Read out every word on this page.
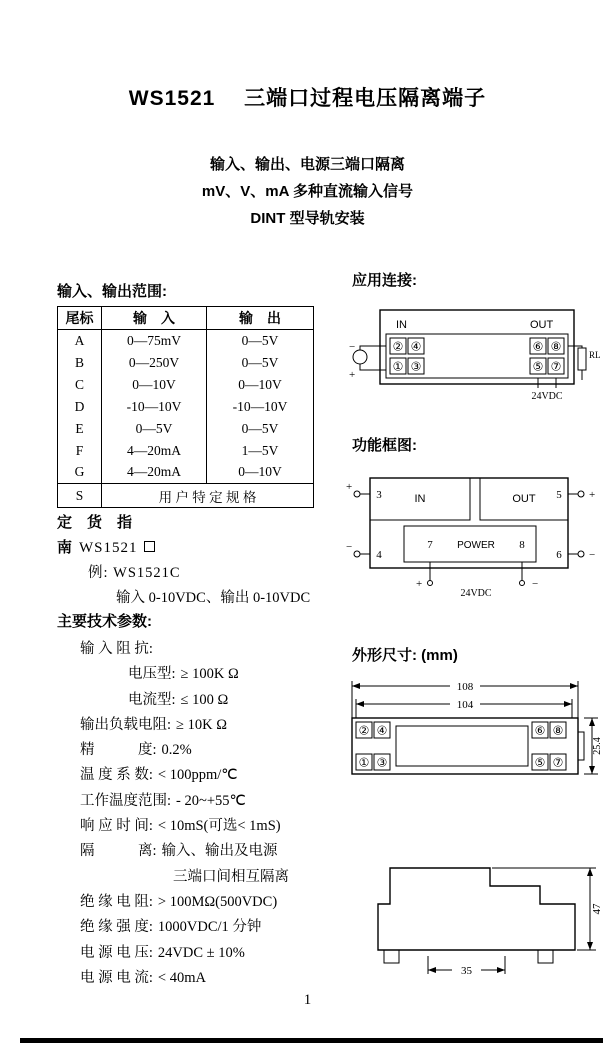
WS1521　 三端口过程电压隔离端子
输入、输出、电源三端口隔离
mV、V、mA 多种直流输入信号
DINT 型导轨安装
输入、输出范围:
尾标	输　入	输　出
A	0—75mV	0—5V
B	0—250V	0—5V
C	0—10V	0—10V
D	-10—10V	-10—10V
E	0—5V	0—5V
F	4—20mA	1—5V
G	4—20mA	0—10V
S	用 户 特 定 规 格	
定　货　指
南 WS1521
例: WS1521C
输入 0-10VDC、输出 0-10VDC
主要技术参数:
输 入 阻 抗:
电压型: ≥ 100K Ω
电流型: ≤ 100 Ω
输出负载电阻: ≥ 10K Ω
精　　　度: 0.2%
温 度 系 数: < 100ppm/℃
工作温度范围: - 20~+55℃
响 应 时 间: < 10mS(可选< 1mS)
隔　　　离: 输入、输出及电源
三端口间相互隔离
绝 缘 电 阻: > 100MΩ(500VDC)
绝 缘 强 度: 1000VDC/1 分钟
电 源 电 压: 24VDC ± 10%
电 源 电 流: < 40mA
应用连接:
功能框图:
外形尺寸: (mm)
IN	OUT
② ④
① ③
⑥ ⑧
⑤ ⑦
−
+
RL
24VDC
IN	OUT
7 POWER 8
3
4
5
6
+
−
+
−
+	−
24VDC
108
104
25.4
② ④	⑥ ⑧
① ③	⑤ ⑦
35
47
1
